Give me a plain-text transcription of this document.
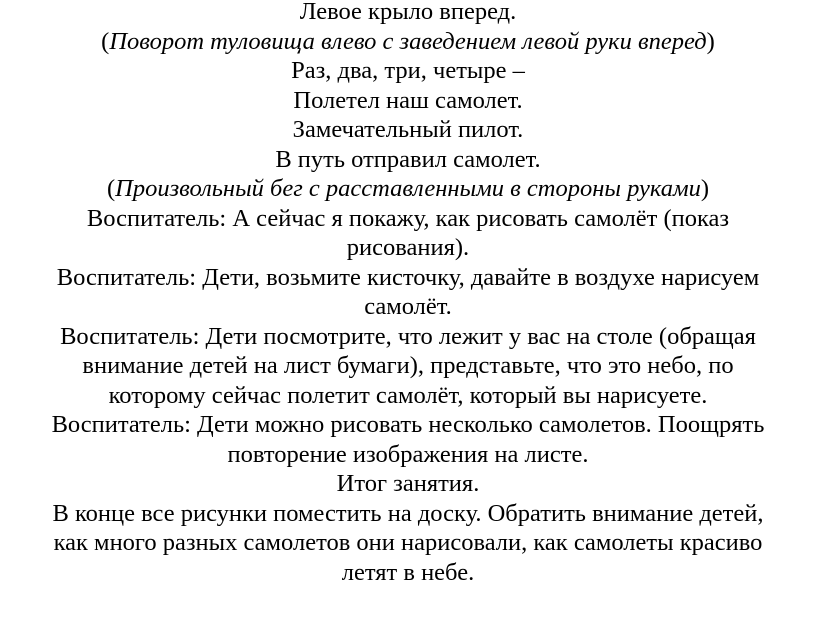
Левое крыло вперед.
(Поворот туловища влево с заведением левой руки вперед)
Раз, два, три, четыре –
Полетел наш самолет.
Замечательный пилот.
В путь отправил самолет.
(Произвольный бег с расставленными в стороны руками)
Воспитатель: А сейчас я покажу, как рисовать самолёт (показ
рисования).
Воспитатель: Дети, возьмите кисточку, давайте в воздухе нарисуем
самолёт.
Воспитатель: Дети посмотрите, что лежит у вас на столе (обращая
внимание детей на лист бумаги), представьте, что это небо, по
которому сейчас полетит самолёт, который вы нарисуете.
Воспитатель: Дети можно рисовать несколько самолетов. Поощрять
повторение изображения на листе.
Итог занятия.
В конце все рисунки поместить на доску. Обратить внимание детей,
как много разных самолетов они нарисовали, как самолеты красиво
летят в небе.
